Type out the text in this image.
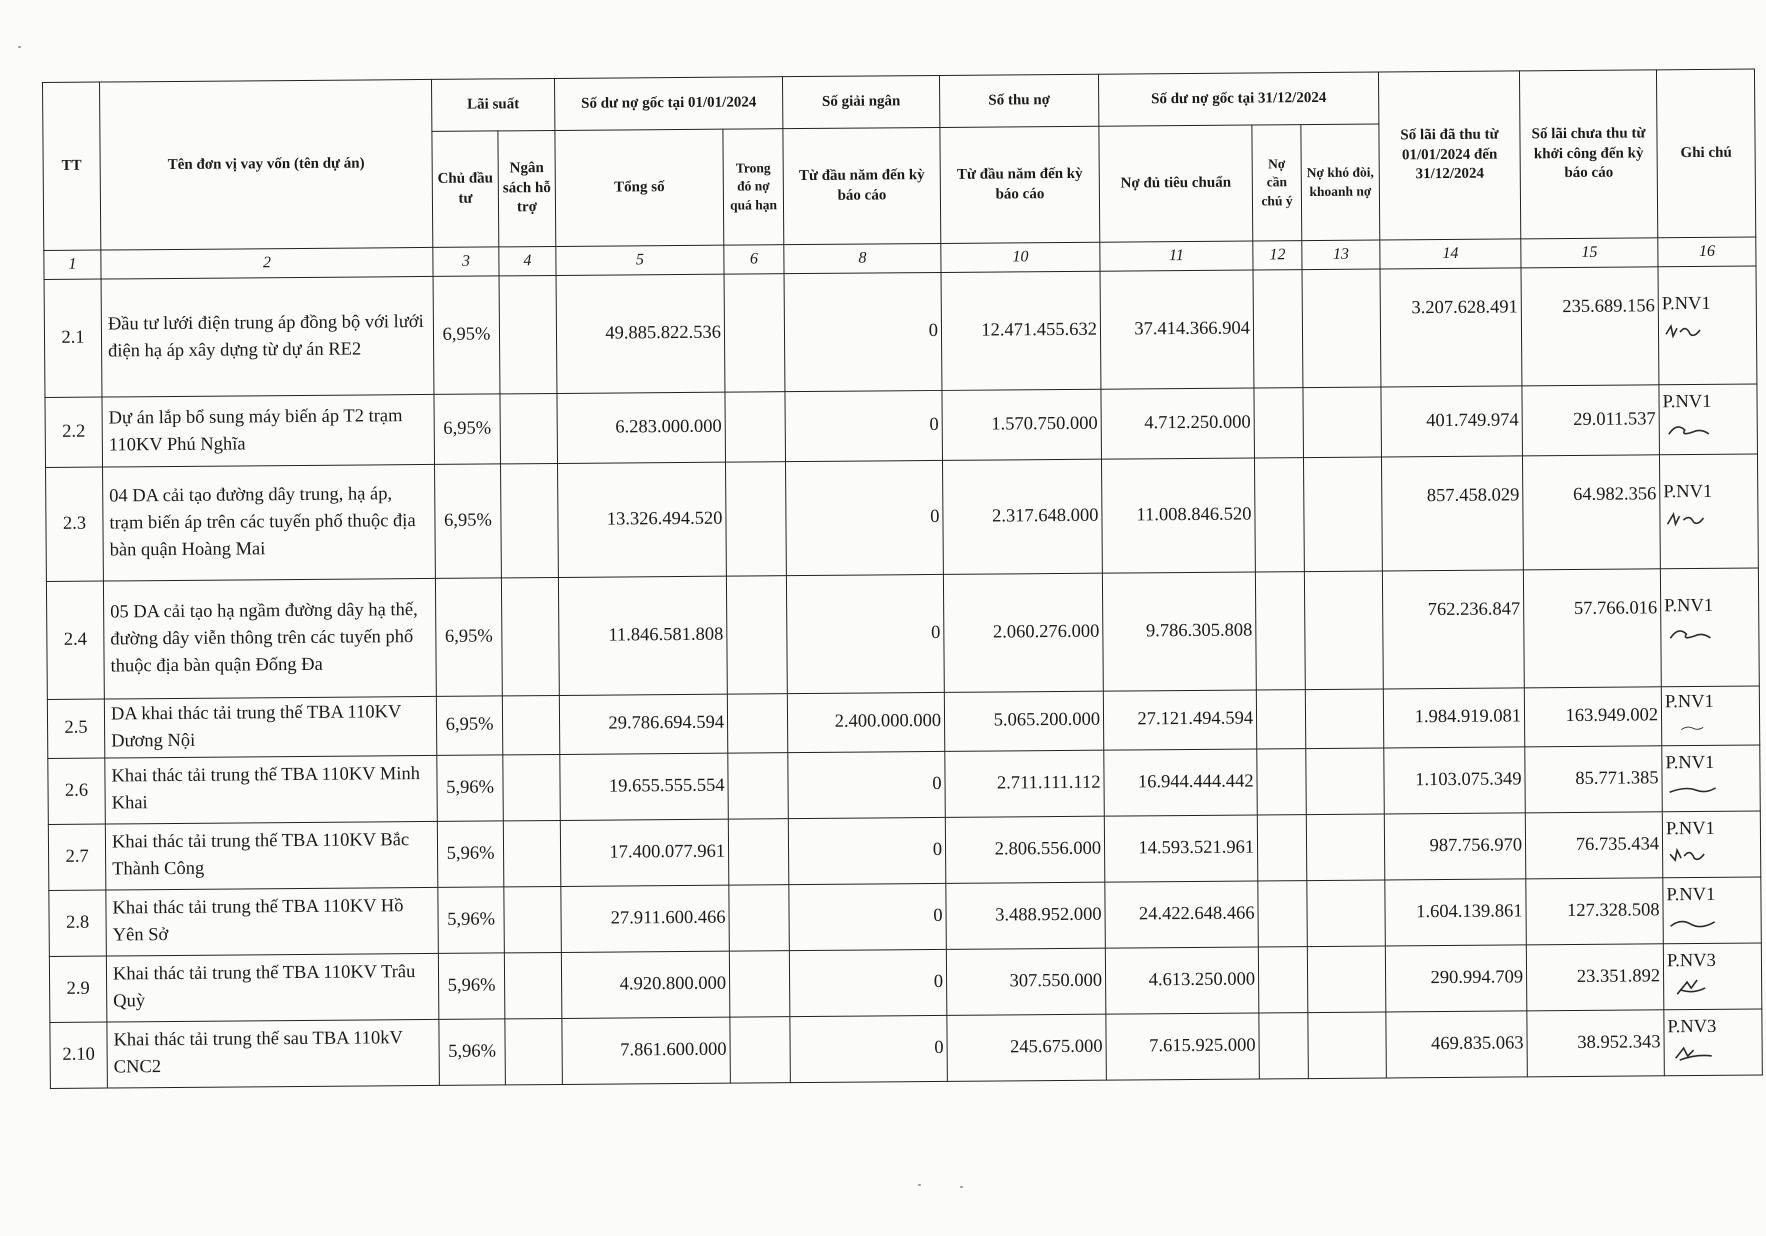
TT	Tên đơn vị vay vốn (tên dự án)	Lãi suất		Số dư nợ gốc tại 01/01/2024		Số giải ngân	Số thu nợ	Số dư nợ gốc tại 31/12/2024			Số lãi đã thu từ 01/01/2024 đến 31/12/2024	Số lãi chưa thu từ khởi công đến kỳ báo cáo	Ghi chú
		Chủ đầu tư	Ngân sách hỗ trợ	Tổng số	Trong đó nợ quá hạn	Từ đầu năm đến kỳ báo cáo	Từ đầu năm đến kỳ báo cáo	Nợ đủ tiêu chuẩn	Nợ cần chú ý	Nợ khó đòi, khoanh nợ			
1	2	3	4	5	6	8	10	11	12	13	14	15	16
2.1	Đầu tư lưới điện trung áp đồng bộ với lưới điện hạ áp xây dựng từ dự án RE2	6,95%		49.885.822.536		0	12.471.455.632	37.414.366.904			3.207.628.491	235.689.156	P.NV1

2.2	Dự án lắp bổ sung máy biến áp T2 trạm 110KV Phú Nghĩa	6,95%		6.283.000.000		0	1.570.750.000	4.712.250.000			401.749.974	29.011.537	P.NV1

2.3	04 DA cải tạo đường dây trung, hạ áp, trạm biến áp trên các tuyến phố thuộc địa bàn quận Hoàng Mai	6,95%		13.326.494.520		0	2.317.648.000	11.008.846.520			857.458.029	64.982.356	P.NV1

2.4	05 DA cải tạo hạ ngầm đường dây hạ thế, đường dây viễn thông trên các tuyến phố thuộc địa bàn quận Đống Đa	6,95%		11.846.581.808		0	2.060.276.000	9.786.305.808			762.236.847	57.766.016	P.NV1

2.5	DA khai thác tải trung thế TBA 110KV Dương Nội	6,95%		29.786.694.594		2.400.000.000	5.065.200.000	27.121.494.594			1.984.919.081	163.949.002	P.NV1

2.6	Khai thác tải trung thế TBA 110KV Minh Khai	5,96%		19.655.555.554		0	2.711.111.112	16.944.444.442			1.103.075.349	85.771.385	P.NV1

2.7	Khai thác tải trung thế TBA 110KV Bắc Thành Công	5,96%		17.400.077.961		0	2.806.556.000	14.593.521.961			987.756.970	76.735.434	P.NV1

2.8	Khai thác tải trung thế TBA 110KV Hồ Yên Sở	5,96%		27.911.600.466		0	3.488.952.000	24.422.648.466			1.604.139.861	127.328.508	P.NV1

2.9	Khai thác tải trung thế TBA 110KV Trâu Quỳ	5,96%		4.920.800.000		0	307.550.000	4.613.250.000			290.994.709	23.351.892	P.NV3

2.10	Khai thác tải trung thế sau TBA 110kV CNC2	5,96%		7.861.600.000		0	245.675.000	7.615.925.000			469.835.063	38.952.343	P.NV3
